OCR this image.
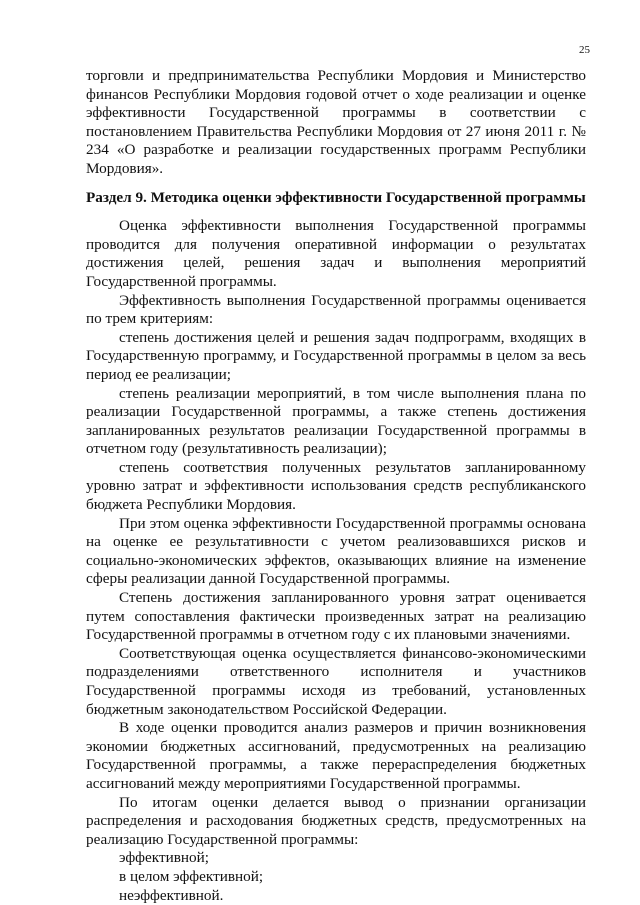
25

торговли и предпринимательства Республики Мордовия и Министерство финансов Республики Мордовия годовой отчет о ходе реализации и оценке эффективности Государственной программы в соответствии с постановлением Правительства Республики Мордовия от 27 июня 2011 г. № 234 «О разработке и реализации государственных программ Республики Мордовия».

Раздел 9. Методика оценки эффективности Государственной программы

Оценка эффективности выполнения Государственной программы проводится для получения оперативной информации о результатах достижения целей, решения задач и выполнения мероприятий Государственной программы.

Эффективность выполнения Государственной программы оценивается по трем критериям:

степень достижения целей и решения задач подпрограмм, входящих в Государственную программу, и Государственной программы в целом за весь период ее реализации;

степень реализации мероприятий, в том числе выполнения плана по реализации Государственной программы, а также степень достижения запланированных результатов реализации Государственной программы в отчетном году (результативность реализации);

степень соответствия полученных результатов запланированному уровню затрат и эффективности использования средств республиканского бюджета Республики Мордовия.

При этом оценка эффективности Государственной программы основана на оценке ее результативности с учетом реализовавшихся рисков и социально-экономических эффектов, оказывающих влияние на изменение сферы реализации данной Государственной программы.

Степень достижения запланированного уровня затрат оценивается путем сопоставления фактически произведенных затрат на реализацию Государственной программы в отчетном году с их плановыми значениями.

Соответствующая оценка осуществляется финансово-экономическими подразделениями ответственного исполнителя и участников Государственной программы исходя из требований, установленных бюджетным законодательством Российской Федерации.

В ходе оценки проводится анализ размеров и причин возникновения экономии бюджетных ассигнований, предусмотренных на реализацию Государственной программы, а также перераспределения бюджетных ассигнований между мероприятиями Государственной программы.

По итогам оценки делается вывод о признании организации распределения и расходования бюджетных средств, предусмотренных на реализацию Государственной программы:

эффективной;

в целом эффективной;

неэффективной.
